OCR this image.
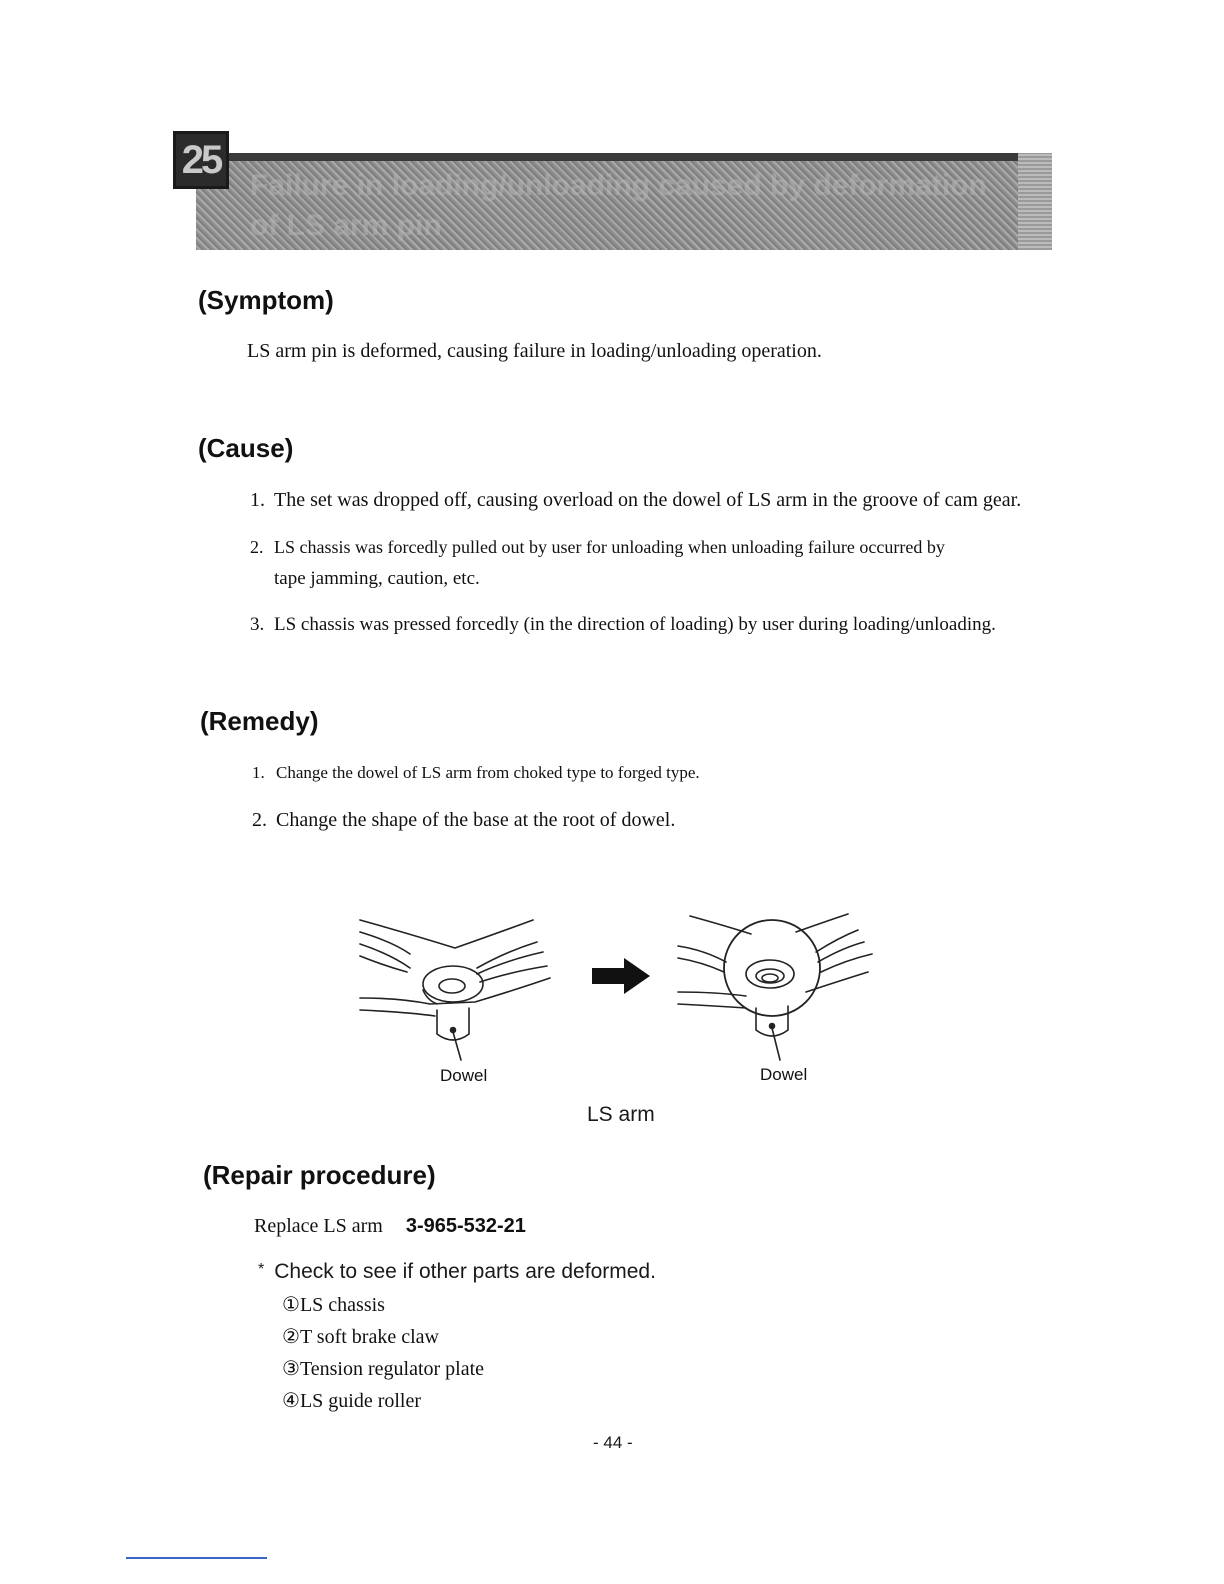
Failure in loading/unloading caused by deformation of LS arm pin
25
(Symptom)
LS arm pin is deformed, causing failure in loading/unloading operation.
(Cause)
1. The set was dropped off, causing overload on the dowel of LS arm in the groove of cam gear.
2. LS chassis was forcedly pulled out by user for unloading when unloading failure occurred by
tape jamming, caution, etc.
3. LS chassis was pressed forcedly (in the direction of loading) by user during loading/unloading.
(Remedy)
1. Change the dowel of LS arm from choked type to forged type.
2. Change the shape of the base at the root of dowel.
Dowel	Dowel
LS arm
(Repair procedure)
Replace LS arm 3-965-532-21
* Check to see if other parts are deformed.
①LS chassis
②T soft brake claw
③Tension regulator plate
④LS guide roller
- 44 -
